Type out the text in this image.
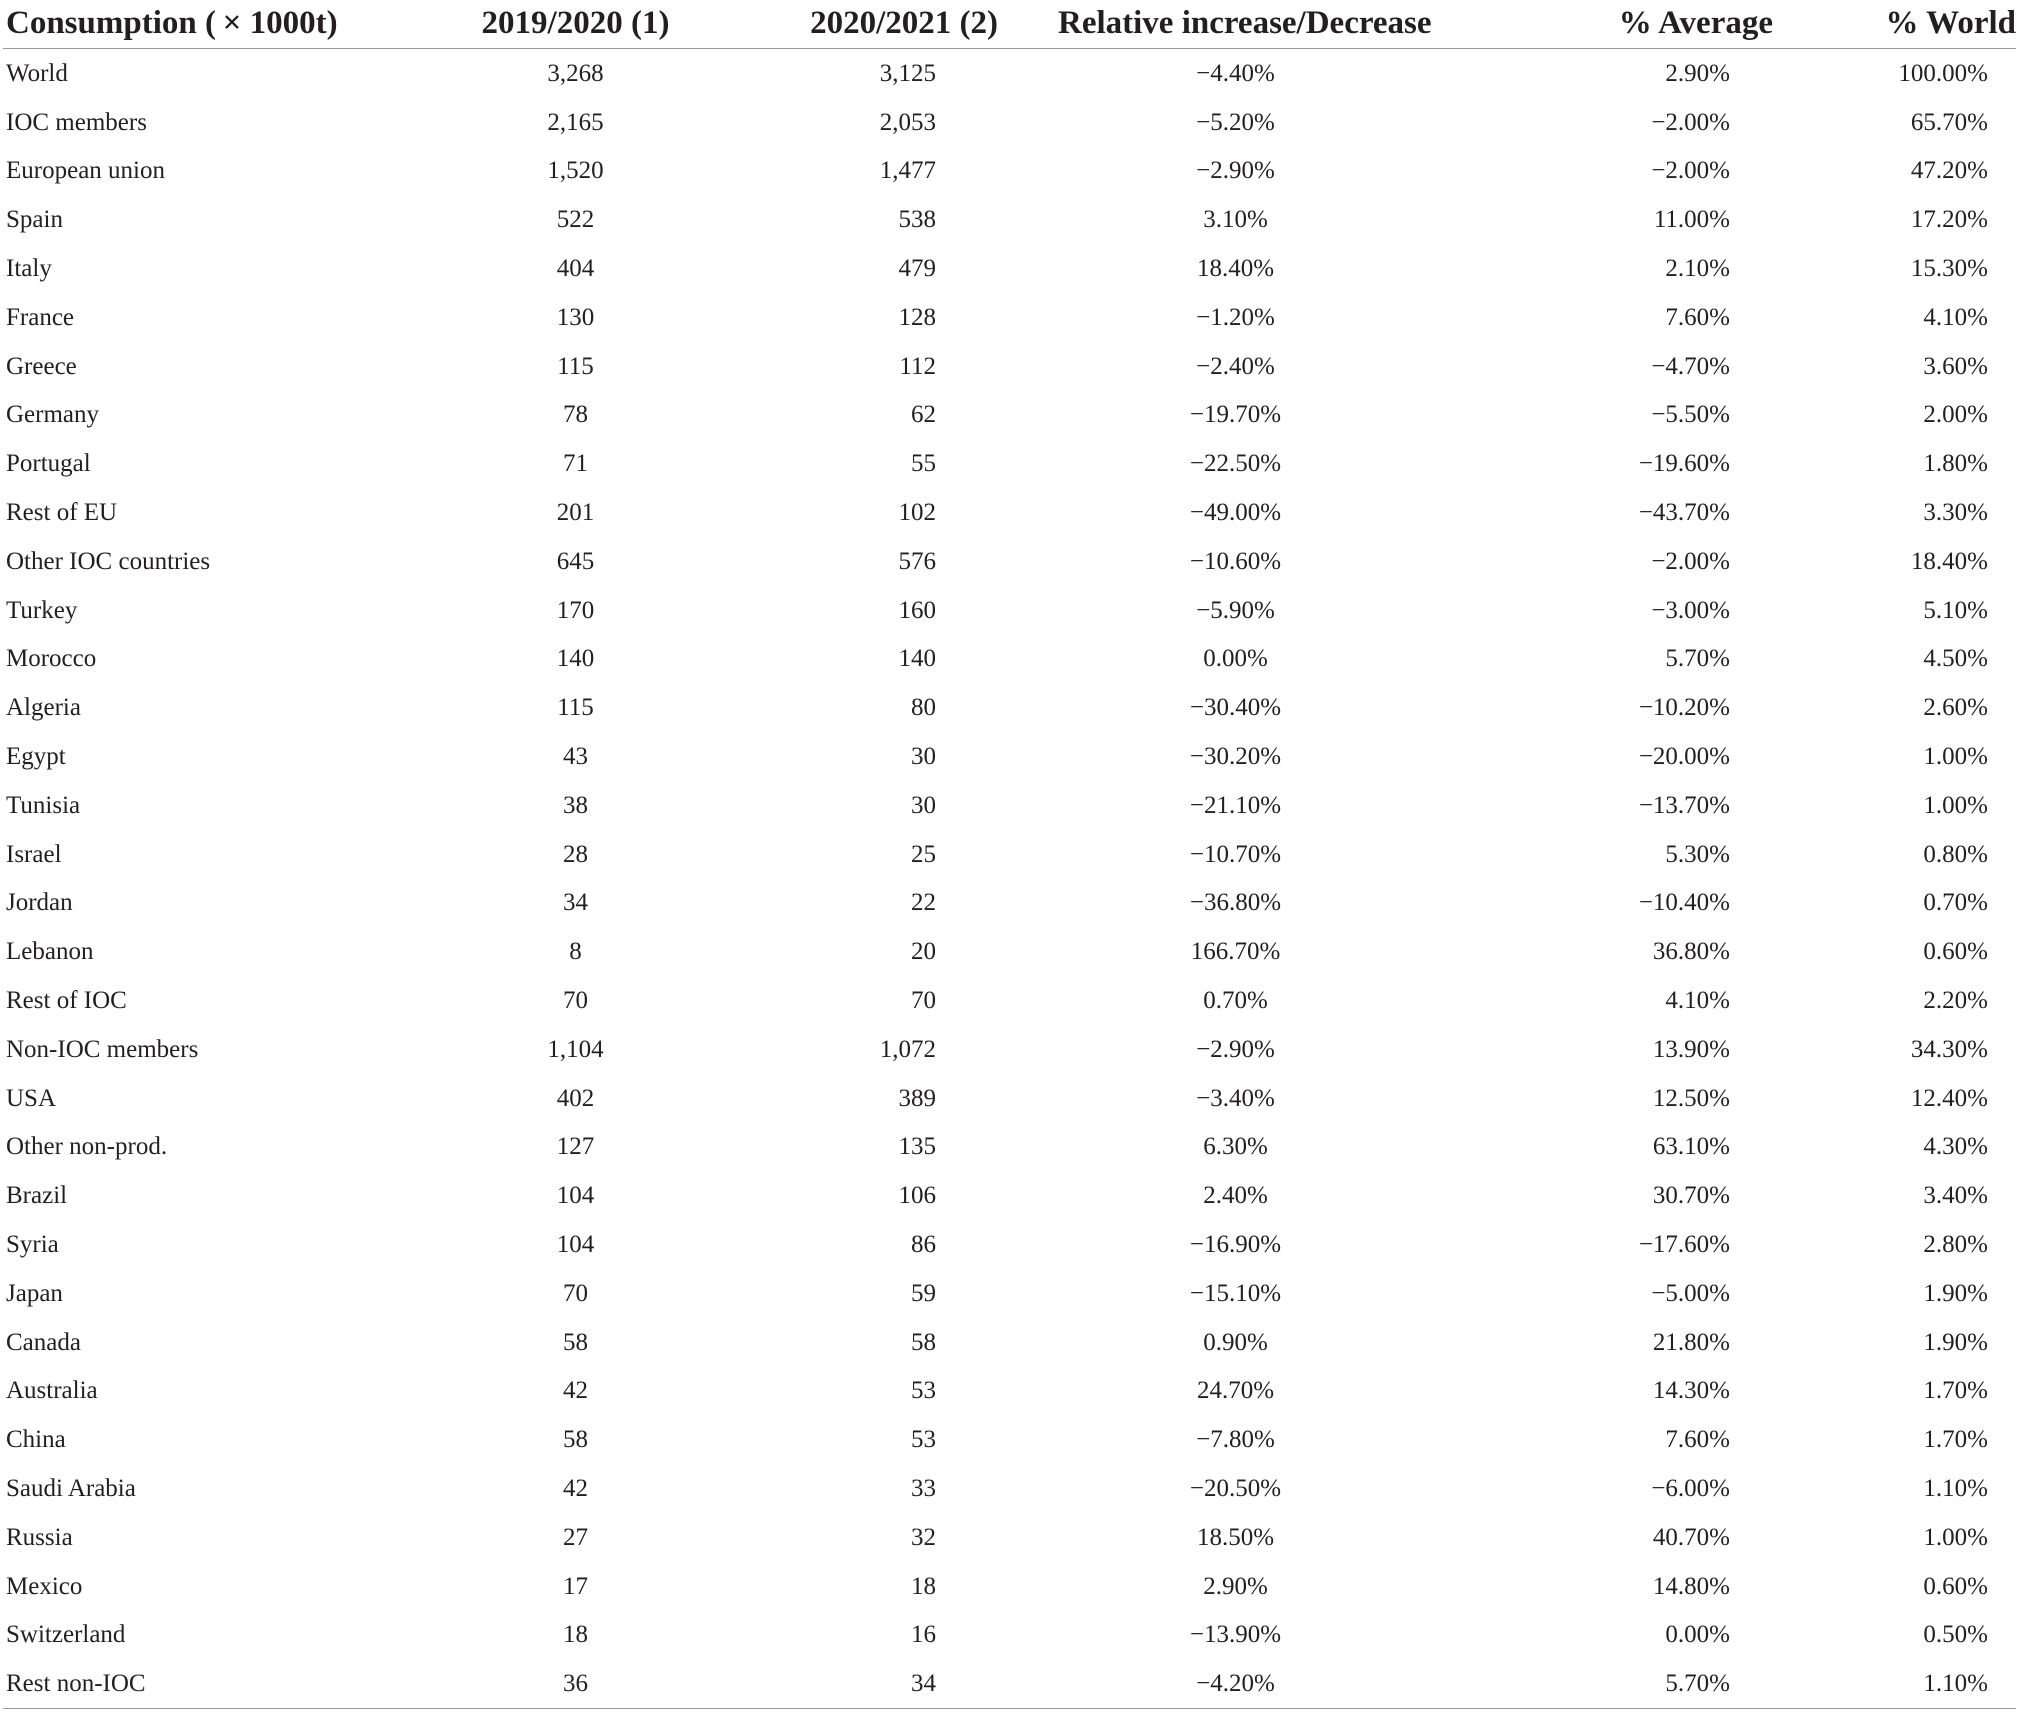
Consumption ( × 1000t)	2019/2020 (1)	2020/2021 (2)	Relative increase/Decrease	% Average	% World
World	3,268	3,125	−4.40%	2.90%	100.00%
IOC members	2,165	2,053	−5.20%	−2.00%	65.70%
European union	1,520	1,477	−2.90%	−2.00%	47.20%
Spain	522	538	3.10%	11.00%	17.20%
Italy	404	479	18.40%	2.10%	15.30%
France	130	128	−1.20%	7.60%	4.10%
Greece	115	112	−2.40%	−4.70%	3.60%
Germany	78	62	−19.70%	−5.50%	2.00%
Portugal	71	55	−22.50%	−19.60%	1.80%
Rest of EU	201	102	−49.00%	−43.70%	3.30%
Other IOC countries	645	576	−10.60%	−2.00%	18.40%
Turkey	170	160	−5.90%	−3.00%	5.10%
Morocco	140	140	0.00%	5.70%	4.50%
Algeria	115	80	−30.40%	−10.20%	2.60%
Egypt	43	30	−30.20%	−20.00%	1.00%
Tunisia	38	30	−21.10%	−13.70%	1.00%
Israel	28	25	−10.70%	5.30%	0.80%
Jordan	34	22	−36.80%	−10.40%	0.70%
Lebanon	8	20	166.70%	36.80%	0.60%
Rest of IOC	70	70	0.70%	4.10%	2.20%
Non-IOC members	1,104	1,072	−2.90%	13.90%	34.30%
USA	402	389	−3.40%	12.50%	12.40%
Other non-prod.	127	135	6.30%	63.10%	4.30%
Brazil	104	106	2.40%	30.70%	3.40%
Syria	104	86	−16.90%	−17.60%	2.80%
Japan	70	59	−15.10%	−5.00%	1.90%
Canada	58	58	0.90%	21.80%	1.90%
Australia	42	53	24.70%	14.30%	1.70%
China	58	53	−7.80%	7.60%	1.70%
Saudi Arabia	42	33	−20.50%	−6.00%	1.10%
Russia	27	32	18.50%	40.70%	1.00%
Mexico	17	18	2.90%	14.80%	0.60%
Switzerland	18	16	−13.90%	0.00%	0.50%
Rest non-IOC	36	34	−4.20%	5.70%	1.10%
